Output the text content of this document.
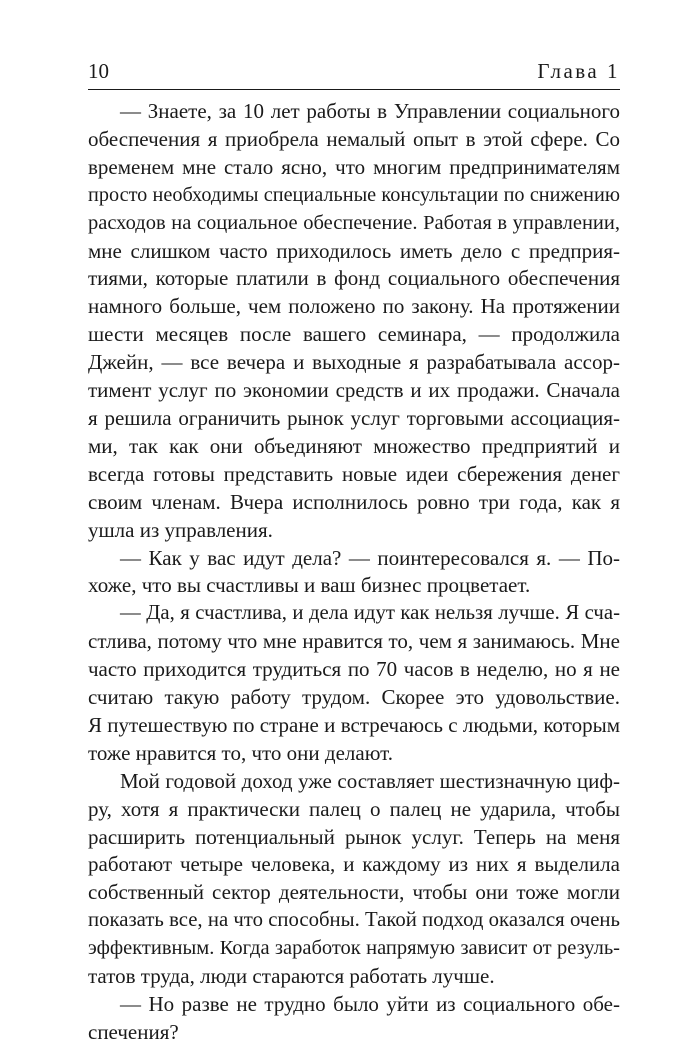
10	Глава 1
— Знаете, за 10 лет работы в Управлении социального
обеспечения я приобрела немалый опыт в этой сфере. Со
временем мне стало ясно, что многим предпринимателям
просто необходимы специальные консультации по снижению
расходов на социальное обеспечение. Работая в управлении,
мне слишком часто приходилось иметь дело с предприя-
тиями, которые платили в фонд социального обеспечения
намного больше, чем положено по закону. На протяжении
шести месяцев после вашего семинара, — продолжила
Джейн, — все вечера и выходные я разрабатывала ассор-
тимент услуг по экономии средств и их продажи. Сначала
я решила ограничить рынок услуг торговыми ассоциация-
ми, так как они объединяют множество предприятий и
всегда готовы представить новые идеи сбережения денег
своим членам. Вчера исполнилось ровно три года, как я
ушла из управления.
— Как у вас идут дела? — поинтересовался я. — По-
хоже, что вы счастливы и ваш бизнес процветает.
— Да, я счастлива, и дела идут как нельзя лучше. Я сча-
стлива, потому что мне нравится то, чем я занимаюсь. Мне
часто приходится трудиться по 70 часов в неделю, но я не
считаю такую работу трудом. Скорее это удовольствие.
Я путешествую по стране и встречаюсь с людьми, которым
тоже нравится то, что они делают.
Мой годовой доход уже составляет шестизначную циф-
ру, хотя я практически палец о палец не ударила, чтобы
расширить потенциальный рынок услуг. Теперь на меня
работают четыре человека, и каждому из них я выделила
собственный сектор деятельности, чтобы они тоже могли
показать все, на что способны. Такой подход оказался очень
эффективным. Когда заработок напрямую зависит от резуль-
татов труда, люди стараются работать лучше.
— Но разве не трудно было уйти из социального обе-
спечения?
